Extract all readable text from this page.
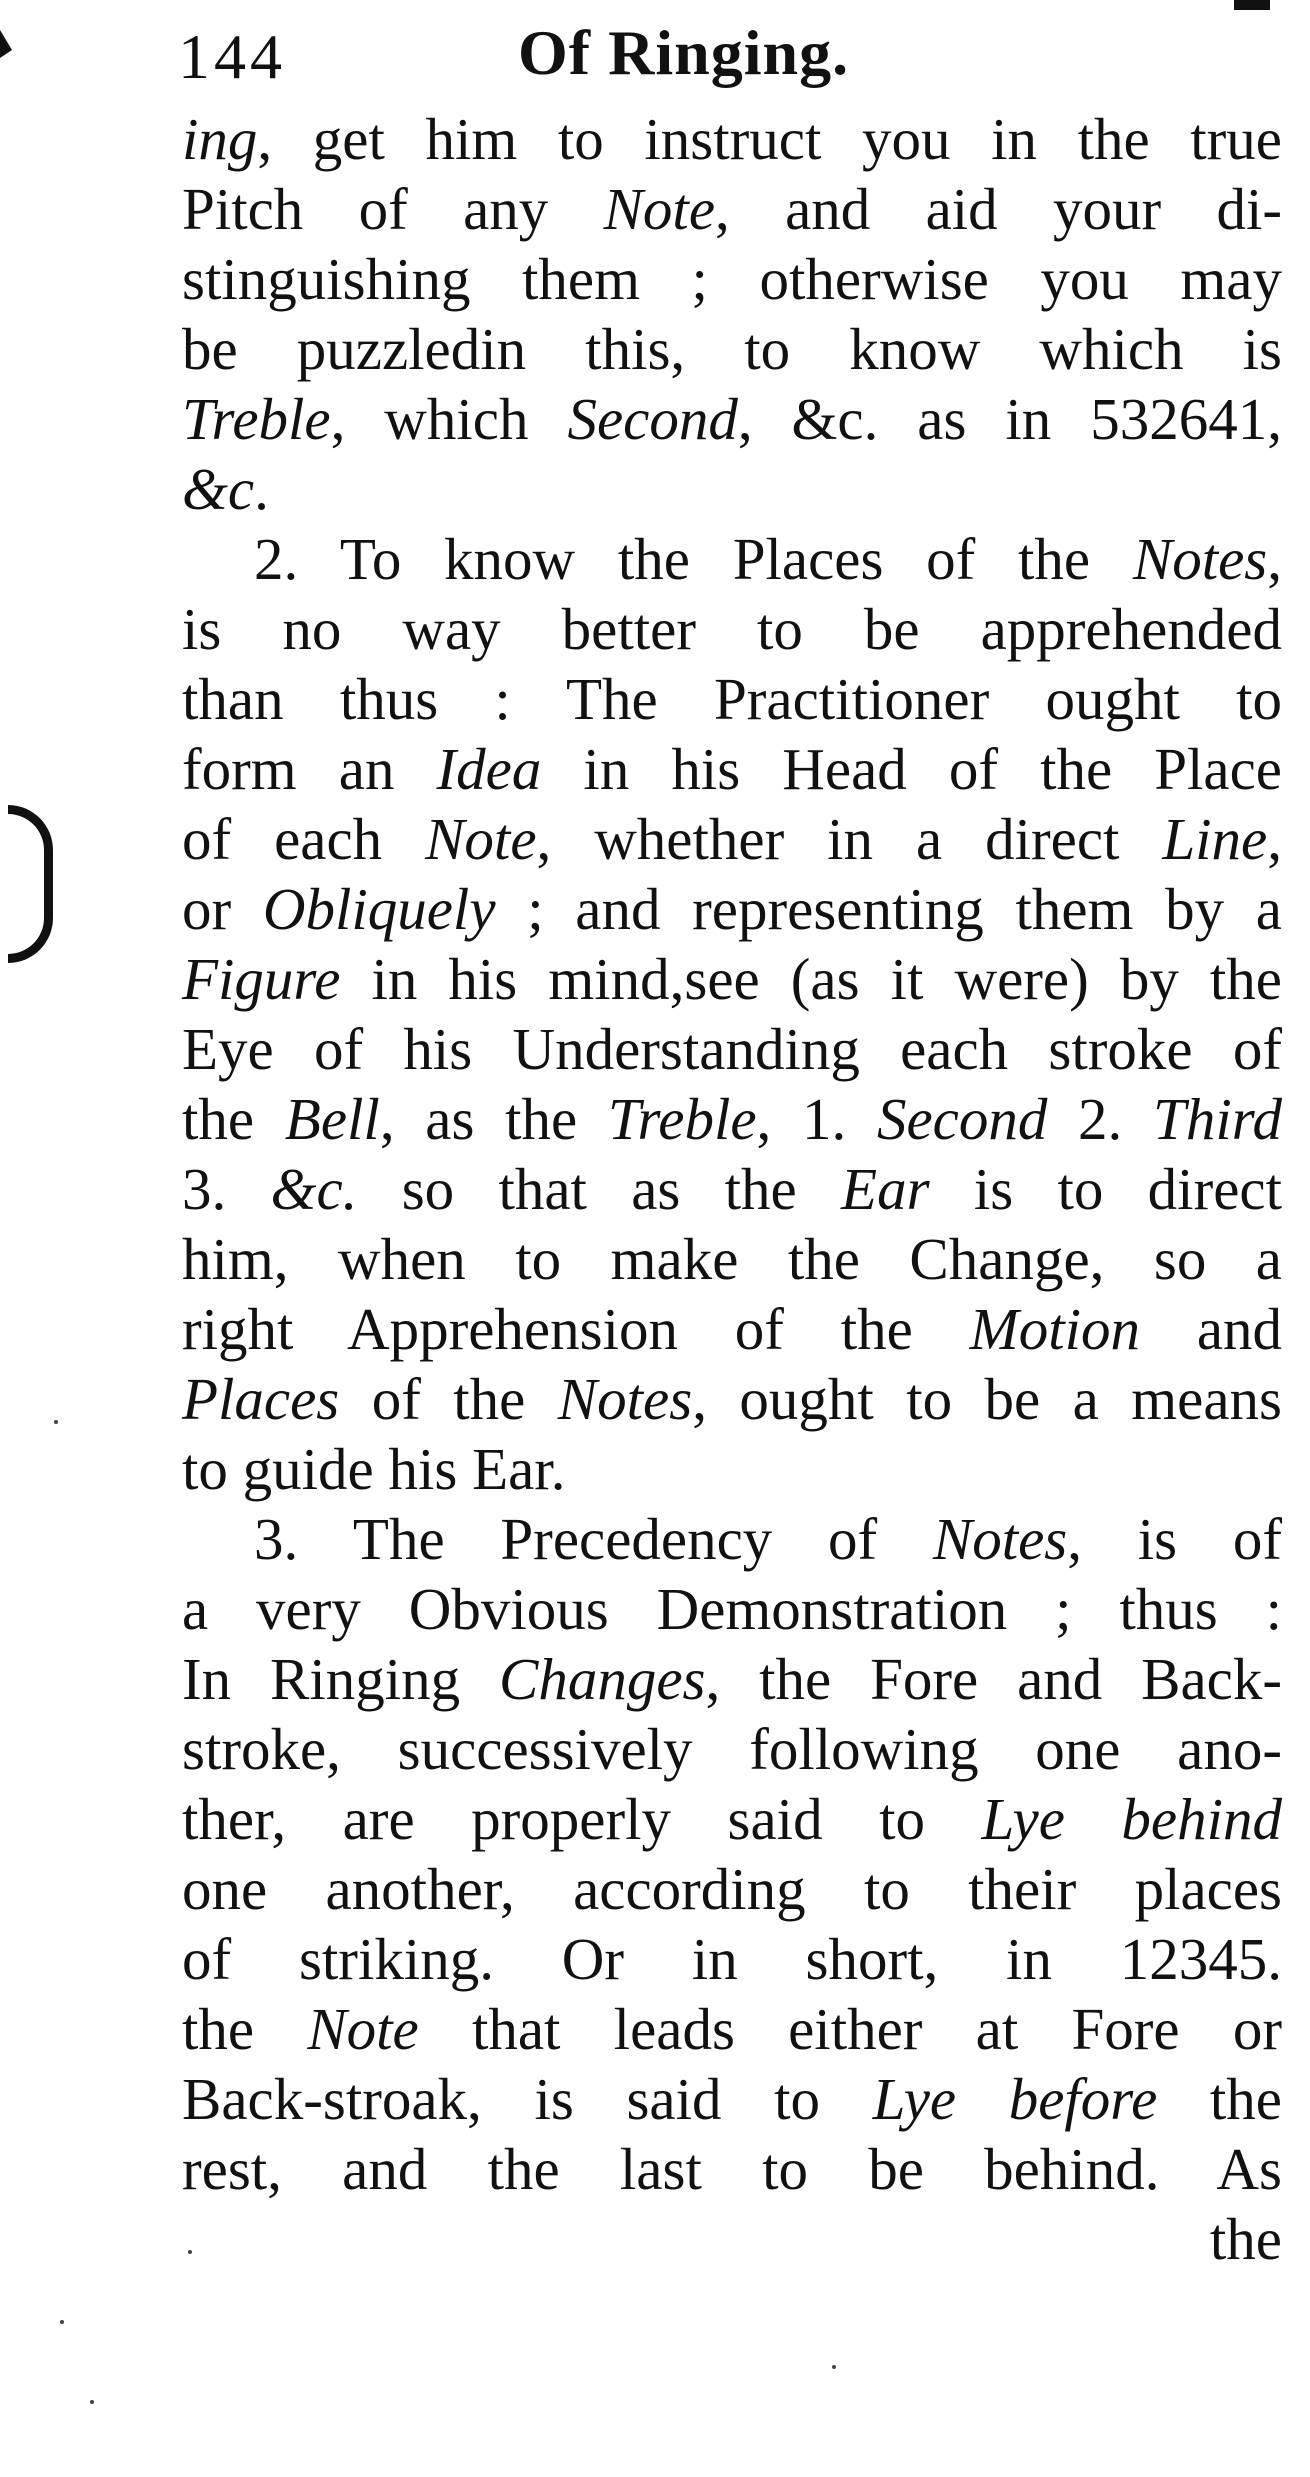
144	Of Ringing.
ing, get him to instruct you in the true
Pitch of any Note, and aid your di-
stinguishing them ; otherwise you may
be puzzledin this, to know which is
Treble, which Second, &c. as in 532641,
&c.
2. To know the Places of the Notes,
is no way better to be apprehended
than thus : The Practitioner ought to
form an Idea in his Head of the Place
of each Note, whether in a direct Line,
or Obliquely ; and representing them by a
Figure in his mind,see (as it were) by the
Eye of his Understanding each stroke of
the Bell, as the Treble, 1. Second 2. Third
3. &c. so that as the Ear is to direct
him, when to make the Change, so a
right Apprehension of the Motion and
Places of the Notes, ought to be a means
to guide his Ear.
3. The Precedency of Notes, is of
a very Obvious Demonstration ; thus :
In Ringing Changes, the Fore and Back-
stroke, successively following one ano-
ther, are properly said to Lye behind
one another, according to their places
of striking. Or in short, in 12345.
the Note that leads either at Fore or
Back-stroak, is said to Lye before the
rest, and the last to be behind. As
the
